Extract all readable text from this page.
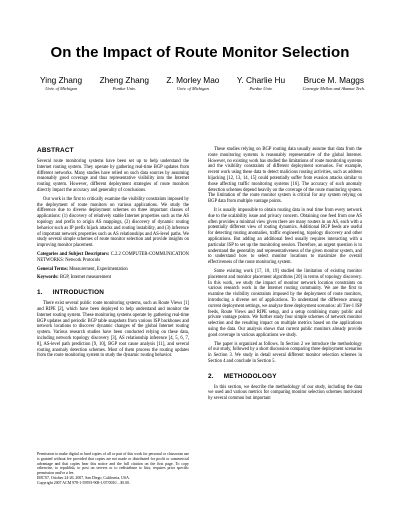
On the Impact of Route Monitor Selection
Ying Zhang
Univ. of Michigan
Zheng Zhang
Purdue Univ.
Z. Morley Mao
Univ. of Michigan
Y. Charlie Hu
Purdue Univ.
Bruce M. Maggs
Carnegie Mellon and Akamai Tech.
ABSTRACT

Several route monitoring systems have been set up to help understand the Internet routing system. They operate by gathering real-time BGP updates from different networks. Many studies have relied on such data sources by assuming reasonably good coverage and thus representative visibility into the Internet routing system. However, different deployment strategies of route monitors directly impact the accuracy and generality of conclusions.

Our work is the first to critically examine the visibility constraints imposed by the deployment of route monitors on various applications. We study the difference due to diverse deployment schemes on three important classes of applications: (1) discovery of relatively stable Internet properties such as the AS topology and prefix to origin AS mappings, (2) discovery of dynamic routing behavior such as IP prefix hijack attacks and routing instability, and (3) inference of important network properties such as AS relationships and AS-level paths. We study several simple schemes of route monitor selection and provide insights on improving monitor placement.

Categories and Subject Descriptors: C.2.2 COMPUTER-COMMUNICATION NETWORKS: Network Protocols

General Terms: Measurement, Experimentation

Keywords: BGP, Internet measurement

1. INTRODUCTION

There exist several public route monitoring systems, such as Route Views [1] and RIPE [2], which have been deployed to help understand and monitor the Internet routing system. These monitoring systems operate by gathering real-time BGP updates and periodic BGP table snapshots from various ISP backbones and network locations to discover dynamic changes of the global Internet routing system. Various research studies have been conducted relying on these data, including network topology discovery [3], AS relationship inference [4, 5, 6, 7, 8], AS-level path prediction [9, 10], BGP root cause analysis [11], and several routing anomaly detection schemes. Most of them process the routing updates from the route monitoring system to study the dynamic routing behavior.

Permission to make digital or hard copies of all or part of this work for personal or classroom use is granted without fee provided that copies are not made or distributed for profit or commercial advantage and that copies bear this notice and the full citation on the first page. To copy otherwise, to republish, to post on servers or to redistribute to lists, requires prior specific permission and/or a fee.
IMC'07, October 24-26, 2007, San Diego, California, USA.
Copyright 2007 ACM 978-1-59593-908-1/07/0010 ...$5.00.

These studies relying on BGP routing data usually assume that data from the route monitoring systems is reasonably representative of the global Internet. However, no existing work has studied the limitations of route monitoring systems and the visibility constraints of different deployment scenarios. For example, recent work using these data to detect malicious routing activities, such as address hijacking [12, 13, 14, 15] could potentially suffer from evasion attacks similar to those affecting traffic monitoring systems [16]. The accuracy of such anomaly detection schemes depend heavily on the coverage of the route monitoring system. The limitation of the route monitor system is critical for any system relying on BGP data from multiple vantage points.

It is usually impossible to obtain routing data in real time from every network due to the scalability issue and privacy concern. Obtaining one feed from one AS often provides a minimal view given there are many routers in an AS, each with a potentially different view of routing dynamics. Additional BGP feeds are useful for detecting routing anomalies, traffic engineering, topology discovery and other applications. But adding an additional feed usually requires interacting with a particular ISP to set up the monitoring session. Therefore, an urgent question is to understand the generality and representativeness of the given monitor system, and to understand how to select monitor locations to maximize the overall effectiveness of the route monitoring system.

Some existing work [17, 18, 19] studied the limitation of existing monitor placement and monitor placement algorithms [20] in terms of topology discovery. In this work, we study the impact of monitor network location constraints on various research work in the Internet routing community. We are the first to examine the visibility constraints imposed by the deployment of route monitors, introducing a diverse set of applications. To understand the difference among current deployment settings, we analyze three deployment scenarios: all Tier-1 ISP feeds, Route Views and RIPE setup, and a setup combining many public and private vantage points. We further study four simple schemes of network monitor selection and the resulting impact on multiple metrics based on the applications using the data. Our analysis shows that current public monitors already provide good coverage in various applications we study.

The paper is organized as follows. In Section 2 we introduce the methodology of our study, followed by a short discussion comparing three deployment scenarios in Section 3. We study in detail several different monitor selection schemes in Section 4 and conclude in Section 5.

2. METHODOLOGY

In this section, we describe the methodology of our study, including the data we used and various metrics for comparing monitor selection schemes motivated by several common but important
